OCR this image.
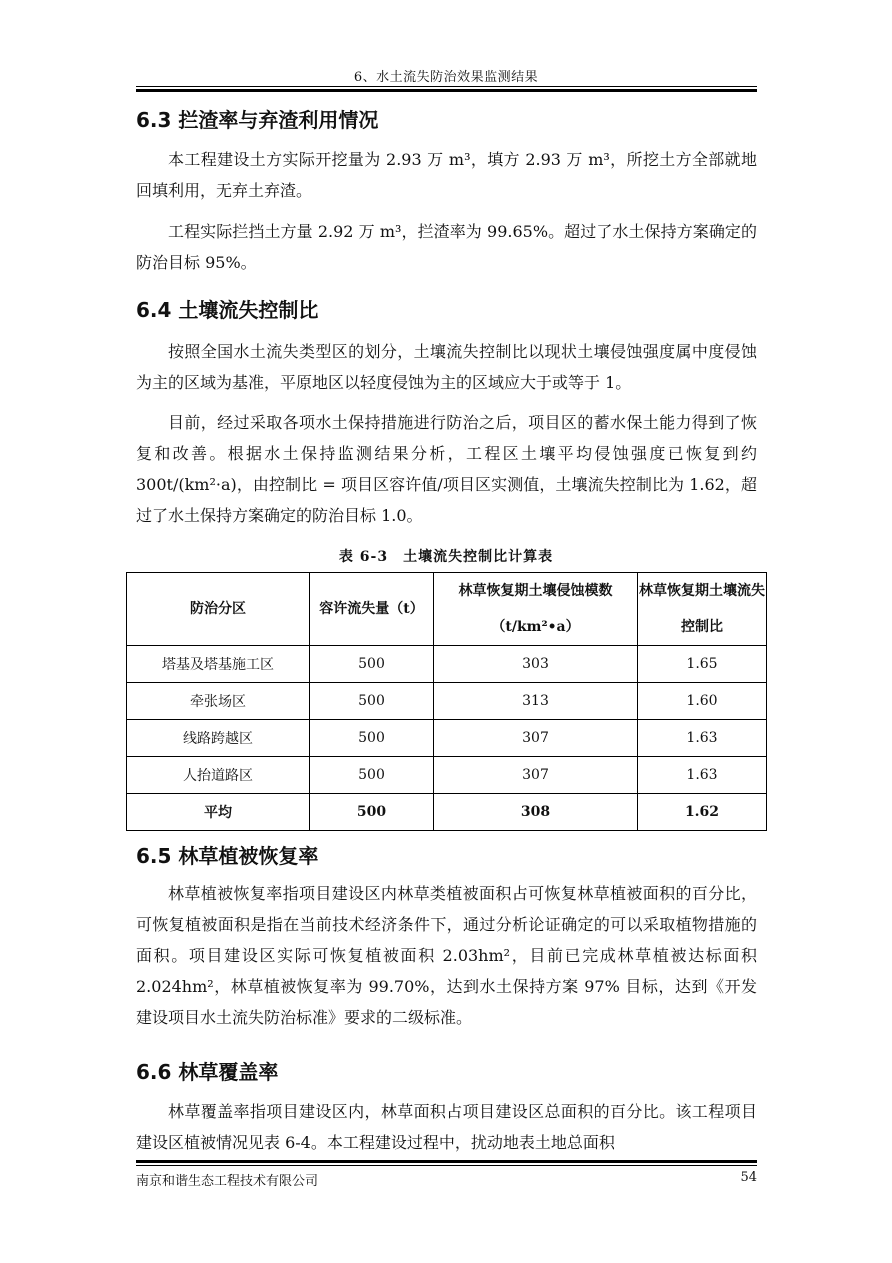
6、水土流失防治效果监测结果
6.3 拦渣率与弃渣利用情况
本工程建设土方实际开挖量为 2.93 万 m³，填方 2.93 万 m³，所挖土方全部就地回填利用，无弃土弃渣。
工程实际拦挡土方量 2.92 万 m³，拦渣率为 99.65%。超过了水土保持方案确定的防治目标 95%。
6.4 土壤流失控制比
按照全国水土流失类型区的划分，土壤流失控制比以现状土壤侵蚀强度属中度侵蚀为主的区域为基准，平原地区以轻度侵蚀为主的区域应大于或等于 1。
目前，经过采取各项水土保持措施进行防治之后，项目区的蓄水保土能力得到了恢复和改善。根据水土保持监测结果分析，工程区土壤平均侵蚀强度已恢复到约 300t/(km²·a)，由控制比 = 项目区容许值/项目区实测值，土壤流失控制比为 1.62，超过了水土保持方案确定的防治目标 1.0。
表 6-3　土壤流失控制比计算表
防治分区	容许流失量（t）	林草恢复期土壤侵蚀模数（t/km²•a）	林草恢复期土壤流失控制比
塔基及塔基施工区	500	303	1.65
牵张场区	500	313	1.60
线路跨越区	500	307	1.63
人抬道路区	500	307	1.63
平均	500	308	1.62
6.5 林草植被恢复率
林草植被恢复率指项目建设区内林草类植被面积占可恢复林草植被面积的百分比，可恢复植被面积是指在当前技术经济条件下，通过分析论证确定的可以采取植物措施的面积。项目建设区实际可恢复植被面积 2.03hm²，目前已完成林草植被达标面积 2.024hm²，林草植被恢复率为 99.70%，达到水土保持方案 97% 目标，达到《开发建设项目水土流失防治标准》要求的二级标准。
6.6 林草覆盖率
林草覆盖率指项目建设区内，林草面积占项目建设区总面积的百分比。该工程项目建设区植被情况见表 6-4。本工程建设过程中，扰动地表土地总面积
南京和谐生态工程技术有限公司	54
